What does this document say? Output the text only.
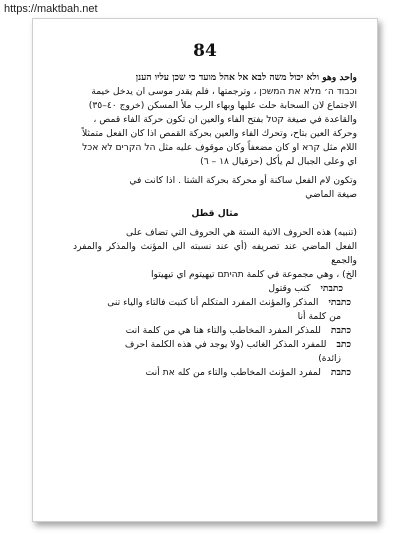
https://maktbah.net
84

واحد وهو ולא יכול משה לבא אל אהל מועד כי שכן עליו הענן

וכבוד ה׳ מלא את המשכן ، وترجمتها ، فلم يقدر موسى ان يدخل خيمة

الاجتماع لان السحابة حلت عليها وبهاء الرب ملأ المسكن (خروج ٤٠–٣٥)

والقاعدة في صيغة קטל بفتح الفاء والعين ان تكون حركة الفاء قمص ،

وحركة العين بتاح، وتحرك الفاء والعين بحركة القمص اذا كان الفعل متمثلاً

اللام مثل קרא او كان مضعفاً وكان موقوف عليه مثل הל הקרים לא אכל

اي وعلى الجبال لم يأكل (حزقيال ١٨ – ٦)

وتكون لام الفعل ساكنة أو محركة بحركة الشتا . اذا كانت في

صيغة الماضي

مثال قطل

(تنبيه) هذه الحروف الاتية الستة هي الحروف التي تضاف على

الفعل الماضي عند تصريفه (أي عند نسبته الى المؤنث والمذكر والمفرد والجمع

الخ) ، وهي مجموعة في كلمة תהיתם تيهيتوم اي تيهيتوا

כתבתי
كتب وقتول
כתבתי
المذكر والمؤنث المفرد المتكلم أنا كتبت فالتاء والياء تنى
من كلمة أنا
כתבת
للمذكر المفرد المخاطب والتاء هنا هي من كلمة انت
כתב
للمفرد المذكر الغائب (ولا يوجد في هذه الكلمة احرف
زائدة)
כתבת
لمفرد المؤنث المخاطب والتاء من كله את أنت
